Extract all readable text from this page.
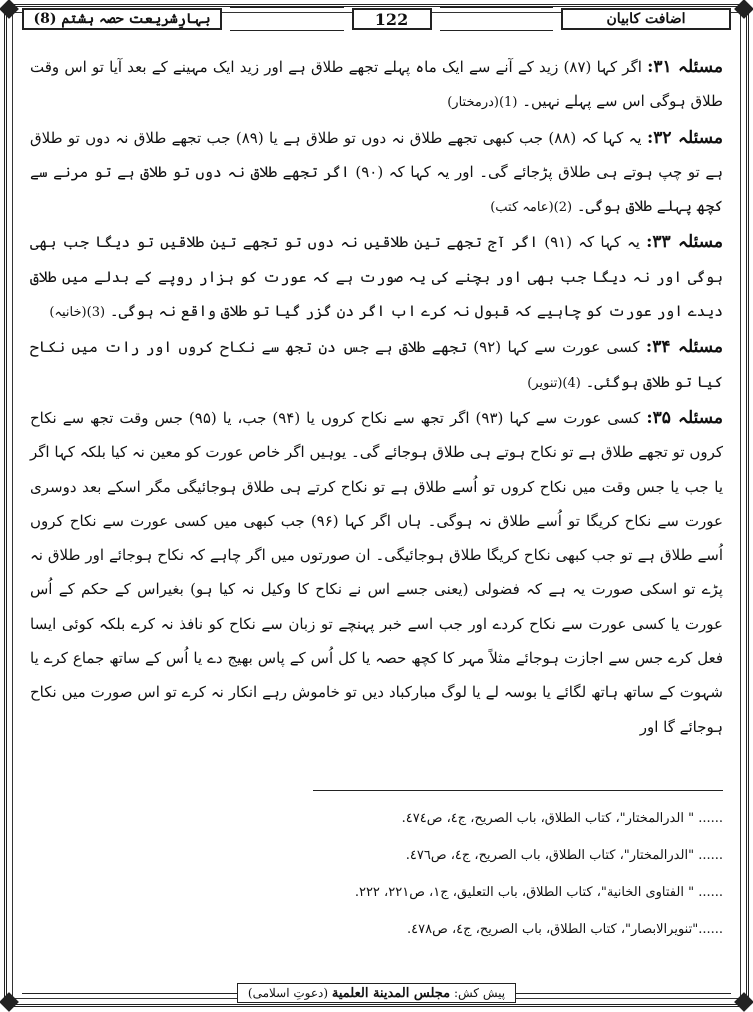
بہارِشریعت حصہ ہشتم (8)	122	اضافت کابیان

مسئلہ ۳۱: اگر کہا (۸۷) زید کے آنے سے ایک ماہ پہلے تجھے طلاق ہے اور زید ایک مہینے کے بعد آیا تو اس وقت طلاق ہوگی اس سے پہلے نہیں۔ (1)(درمختار)

مسئلہ ۳۲: یہ کہا کہ (۸۸) جب کبھی تجھے طلاق نہ دوں تو طلاق ہے یا (۸۹) جب تجھے طلاق نہ دوں تو طلاق ہے تو چپ ہوتے ہی طلاق پڑجائے گی۔ اور یہ کہا کہ (۹۰) اگر تجھے طلاق نہ دوں تو طلاق ہے تو مرنے سے کچھ پہلے طلاق ہوگی۔ (2)(عامہ کتب)

مسئلہ ۳۳: یہ کہا کہ (۹۱) اگر آج تجھے تین طلاقیں نہ دوں تو تجھے تین طلاقیں تو دیگا جب بھی ہوگی اور نہ دیگا جب بھی اور بچنے کی یہ صورت ہے کہ عورت کو ہزار روپے کے بدلے میں طلاق دیدے اور عورت کو چاہیے کہ قبول نہ کرے اب اگر دن گزر گیا تو طلاق واقع نہ ہوگی۔ (3)(خانیہ)

مسئلہ ۳۴: کسی عورت سے کہا (۹۲) تجھے طلاق ہے جس دن تجھ سے نکاح کروں اور رات میں نکاح کیا تو طلاق ہوگئی۔ (4)(تنویر)

مسئلہ ۳۵: کسی عورت سے کہا (۹۳) اگر تجھ سے نکاح کروں یا (۹۴) جب، یا (۹۵) جس وقت تجھ سے نکاح کروں تو تجھے طلاق ہے تو نکاح ہوتے ہی طلاق ہوجائے گی۔ یوہیں اگر خاص عورت کو معین نہ کیا بلکہ کہا اگر یا جب یا جس وقت میں نکاح کروں تو اُسے طلاق ہے تو نکاح کرتے ہی طلاق ہوجائیگی مگر اسکے بعد دوسری عورت سے نکاح کریگا تو اُسے طلاق نہ ہوگی۔ ہاں اگر کہا (۹۶) جب کبھی میں کسی عورت سے نکاح کروں اُسے طلاق ہے تو جب کبھی نکاح کریگا طلاق ہوجائیگی۔ ان صورتوں میں اگر چاہے کہ نکاح ہوجائے اور طلاق نہ پڑے تو اسکی صورت یہ ہے کہ فضولی (یعنی جسے اس نے نکاح کا وکیل نہ کیا ہو) بغیراس کے حکم کے اُس عورت یا کسی عورت سے نکاح کردے اور جب اسے خبر پہنچے تو زبان سے نکاح کو نافذ نہ کرے بلکہ کوئی ایسا فعل کرے جس سے اجازت ہوجائے مثلاً مہر کا کچھ حصہ یا کل اُس کے پاس بھیج دے یا اُس کے ساتھ جماع کرے یا شہوت کے ساتھ ہاتھ لگائے یا بوسہ لے یا لوگ مبارکباد دیں تو خاموش رہے انکار نہ کرے تو اس صورت میں نکاح ہوجائے گا اور

...... " الدرالمختار"، كتاب الطلاق، باب الصريح، ج٤، ص٤٧٤.
...... "الدرالمختار"، كتاب الطلاق، باب الصريح، ج٤، ص٤٧٦.
...... " الفتاوى الخانية"، كتاب الطلاق، باب التعليق، ج١، ص٢٢١، ٢٢٢.
......"تنويرالابصار"، كتاب الطلاق، باب الصريح، ج٤، ص٤٧٨.
پیش کش: مجلس المدينة العلمية (دعوتِ اسلامی)
